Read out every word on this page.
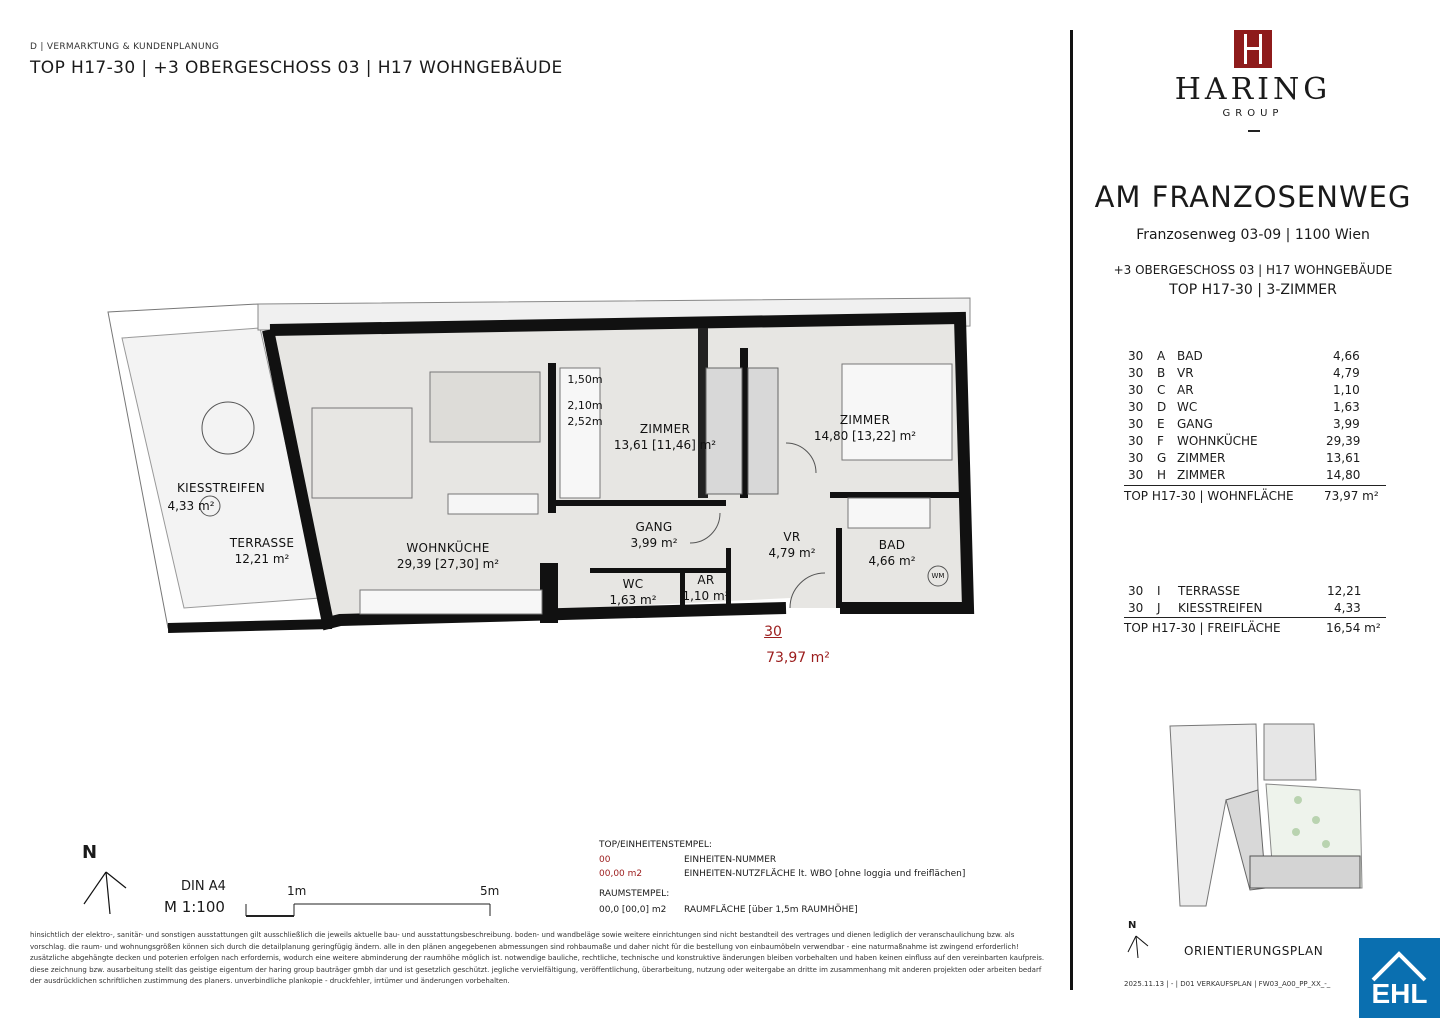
D | VERMARKTUNG & KUNDENPLANUNG
TOP H17-30 | +3 OBERGESCHOSS 03 | H17 WOHNGEBÄUDE
HARING
GROUP
AM FRANZOSENWEG
Franzosenweg 03-09 | 1100 Wien
+3 OBERGESCHOSS 03 | H17 WOHNGEBÄUDE
TOP H17-30 | 3-ZIMMER
30 A BAD	4,66
30 B VR	4,79
30 C AR	1,10
30 D WC	1,63
30 E GANG	3,99
30 F WOHNKÜCHE	29,39
30 G ZIMMER	13,61
30 H ZIMMER	14,80
TOP H17-30 | WOHNFLÄCHE	73,97 m²
30 I TERRASSE	12,21
30 J KIESSTREIFEN	4,33
TOP H17-30 | FREIFLÄCHE	16,54 m²
KIESSTREIFEN
4,33 m²
TERRASSE
12,21 m²
WOHNKÜCHE
29,39 [27,30] m²
ZIMMER
13,61 [11,46] m²
ZIMMER
14,80 [13,22] m²
GANG
3,99 m²
WC
1,63 m²
AR
1,10 m²
VR
4,79 m²
BAD
4,66 m²
1,50m
2,10m
2,52m
WM
30
73,97 m²
N
DIN A4
M 1:100
1m	5m
TOP/EINHEITENSTEMPEL:
00	EINHEITEN-NUMMER
00,00 m2	EINHEITEN-NUTZFLÄCHE lt. WBO [ohne loggia und freiflächen]
RAUMSTEMPEL:
00,0 [00,0] m2 RAUMFLÄCHE [über 1,5m RAUMHÖHE]
hinsichtlich der elektro-, sanitär- und sonstigen ausstattungen gilt ausschließlich die jeweils aktuelle bau- und ausstattungsbeschreibung. boden- und wandbeläge sowie weitere einrichtungen sind nicht bestandteil des vertrages und dienen lediglich der veranschaulichung bzw. als vorschlag. die raum- und wohnungsgrößen können sich durch die detailplanung geringfügig ändern. alle in den plänen angegebenen abmessungen sind rohbaumaße und daher nicht für die bestellung von einbaumöbeln verwendbar - eine naturmaßnahme ist zwingend erforderlich! zusätzliche abgehängte decken und poterien erfolgen nach erfordernis, wodurch eine weitere abminderung der raumhöhe möglich ist. notwendige bauliche, rechtliche, technische und konstruktive änderungen bleiben vorbehalten und haben keinen einfluss auf den vereinbarten kaufpreis. diese zeichnung bzw. ausarbeitung stellt das geistige eigentum der haring group bauträger gmbh dar und ist gesetzlich geschützt. jegliche vervielfältigung, veröffentlichung, überarbeitung, nutzung oder weitergabe an dritte im zusammenhang mit anderen projekten oder arbeiten bedarf der ausdrücklichen schriftlichen zustimmung des planers. unverbindliche plankopie - druckfehler, irrtümer und änderungen vorbehalten.
N
ORIENTIERUNGSPLAN
2025.11.13 | - | D01 VERKAUFSPLAN | FW03_A00_PP_XX_-_	EHL
